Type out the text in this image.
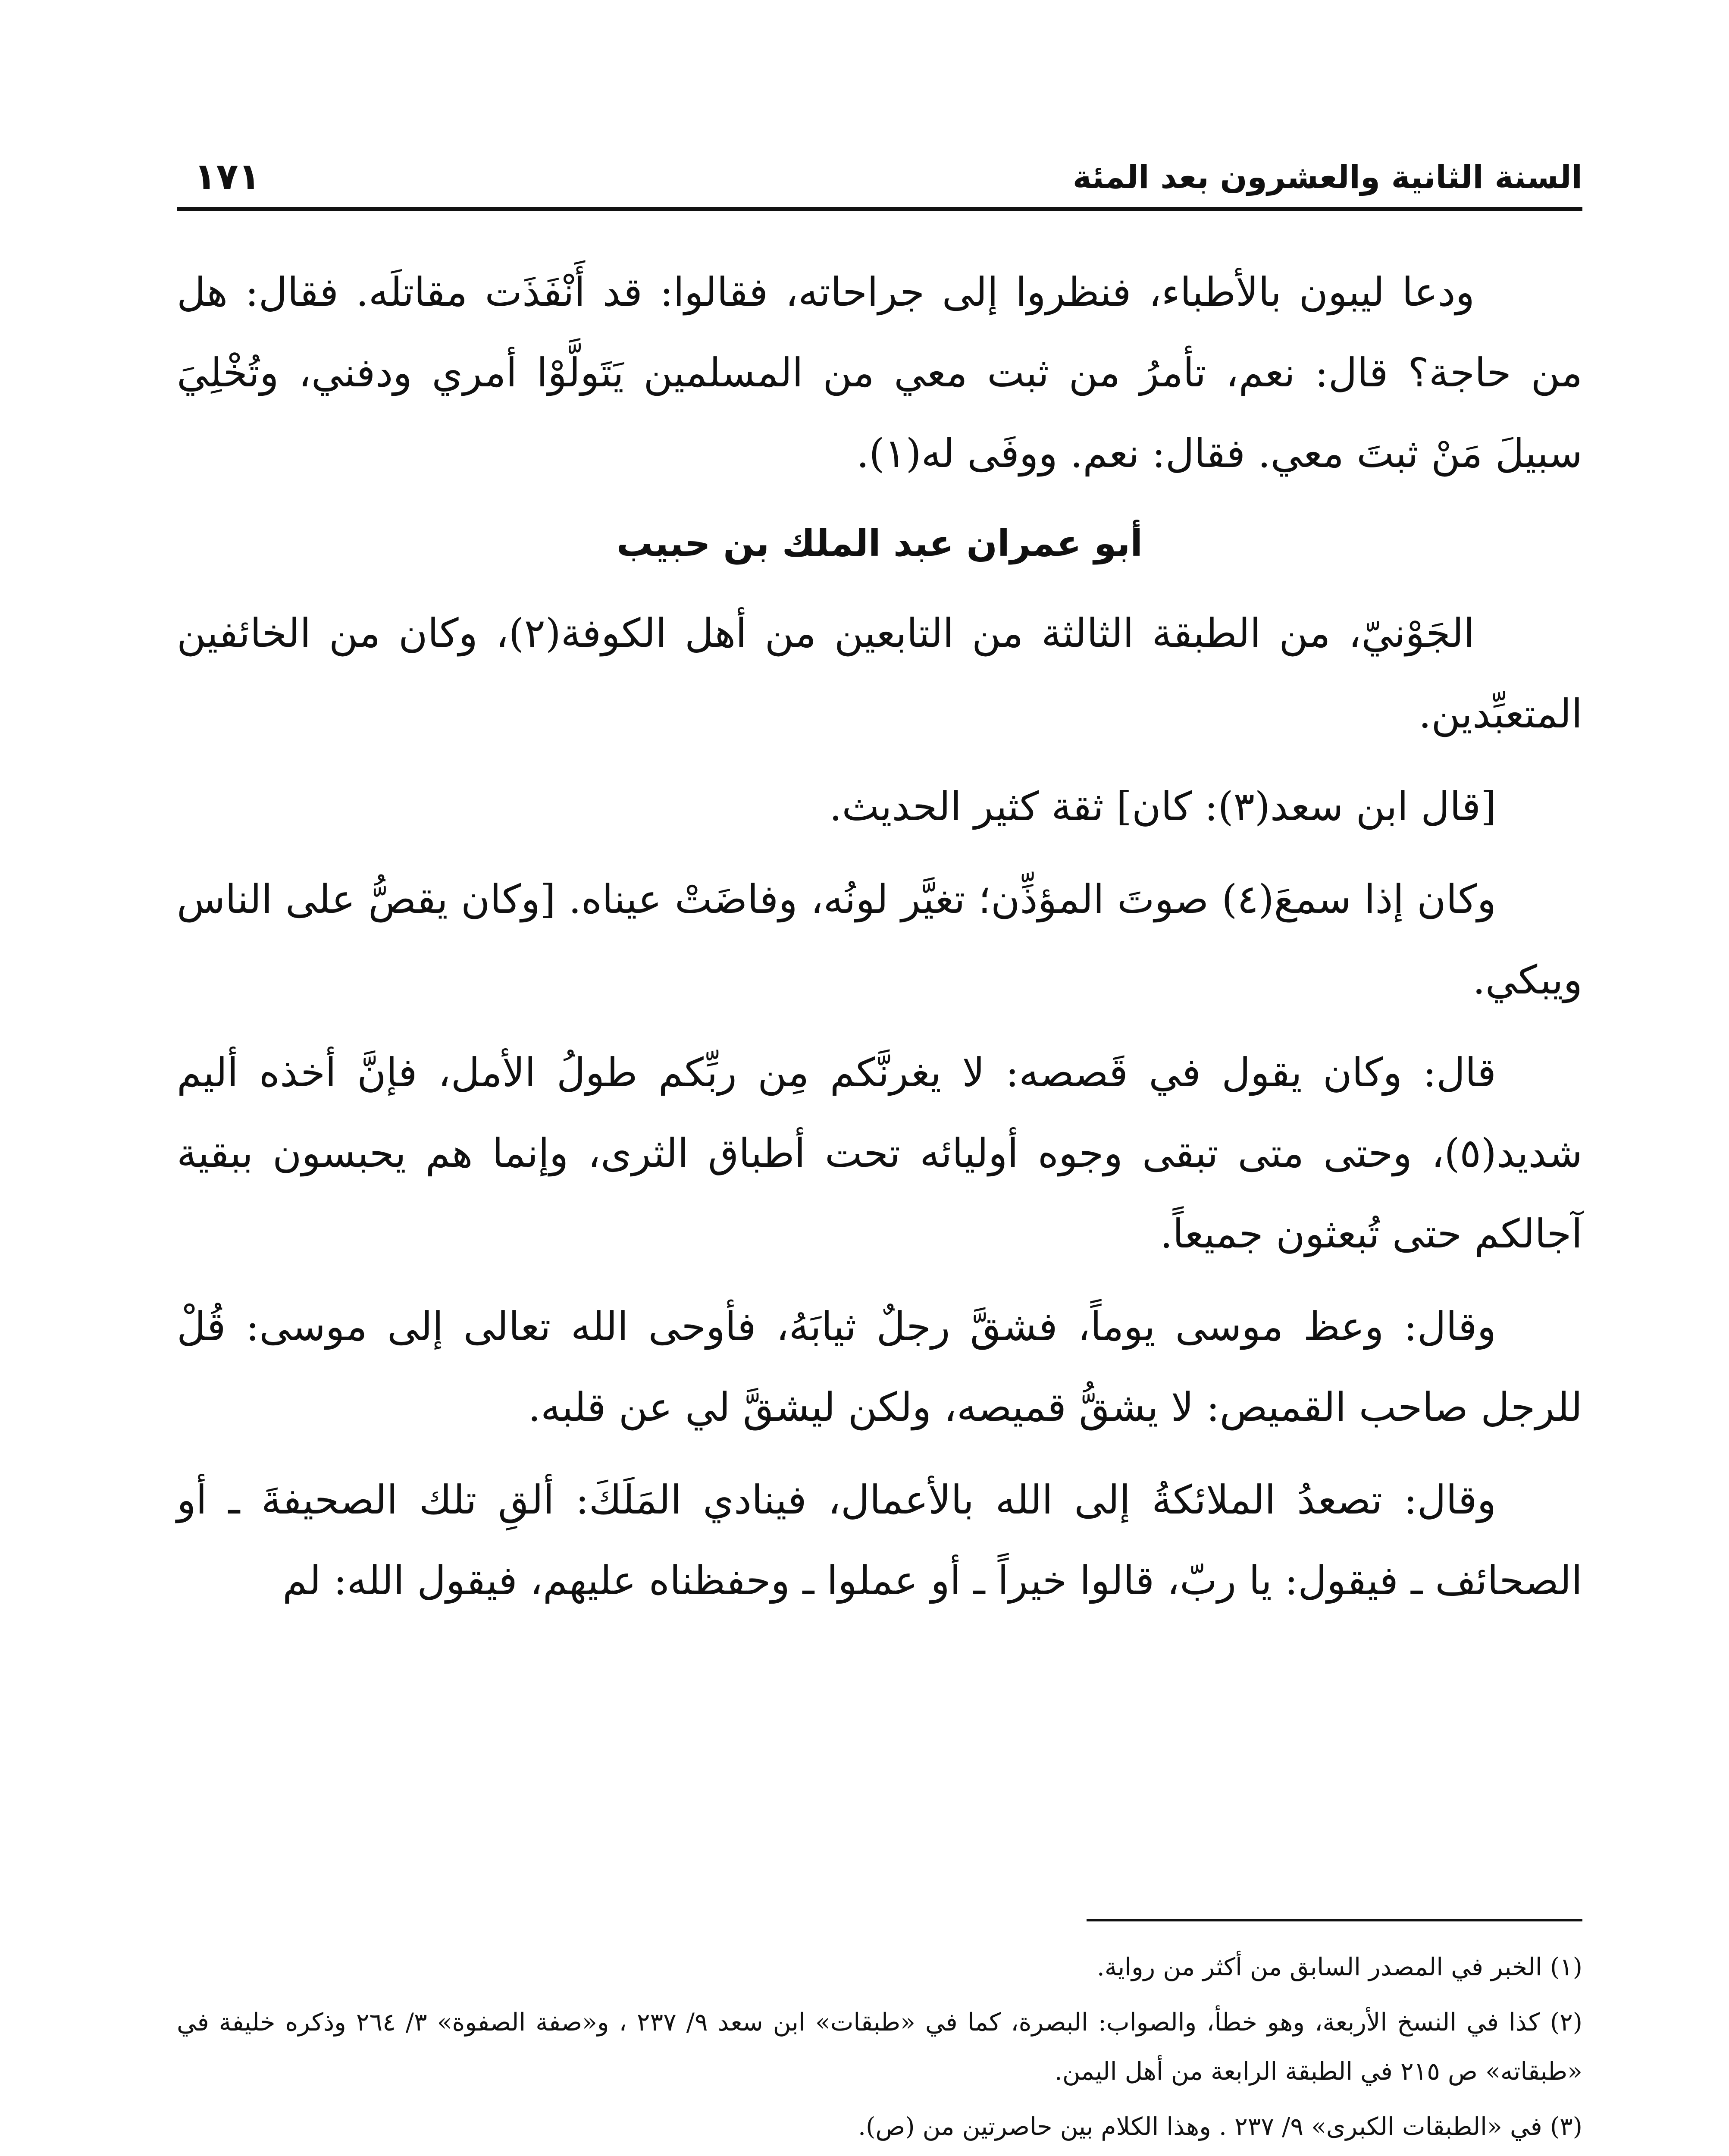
السنة الثانية والعشرون بعد المئة
١٧١

ودعا ليبون بالأطباء، فنظروا إلى جراحاته، فقالوا: قد أَنْفَذَت مقاتلَه. فقال: هل من حاجة؟ قال: نعم، تأمرُ من ثبت معي من المسلمين يَتَولَّوْا أمري ودفني، وتُخْلِيَ سبيلَ مَنْ ثبتَ معي. فقال: نعم. ووفَى له(١).

أبو عمران عبد الملك بن حبيب

الجَوْنيّ، من الطبقة الثالثة من التابعين من أهل الكوفة(٢)، وكان من الخائفين المتعبِّدين.

[قال ابن سعد(٣): كان] ثقة كثير الحديث.

وكان إذا سمعَ(٤) صوتَ المؤذِّن؛ تغيَّر لونُه، وفاضَتْ عيناه. [وكان يقصُّ على الناس ويبكي.

قال: وكان يقول في قَصصه: لا يغرنَّكم مِن ربِّكم طولُ الأمل، فإنَّ أخذه أليم شديد(٥)، وحتى متى تبقى وجوه أوليائه تحت أطباق الثرى، وإنما هم يحبسون ببقية آجالكم حتى تُبعثون جميعاً.

وقال: وعظ موسى يوماً، فشقَّ رجلٌ ثيابَهُ، فأوحى الله تعالى إلى موسى: قُلْ للرجل صاحب القميص: لا يشقُّ قميصه، ولكن ليشقَّ لي عن قلبه.

وقال: تصعدُ الملائكةُ إلى الله بالأعمال، فينادي المَلَكَ: ألقِ تلك الصحيفةَ ـ أو الصحائف ـ فيقول: يا ربّ، قالوا خيراً ـ أو عملوا ـ وحفظناه عليهم، فيقول الله: لم

(١) الخبر في المصدر السابق من أكثر من رواية.

(٢) كذا في النسخ الأربعة، وهو خطأ، والصواب: البصرة، كما في «طبقات» ابن سعد ٩/ ٢٣٧ ، و«صفة الصفوة» ٣/ ٢٦٤ وذكره خليفة في «طبقاته» ص ٢١٥ في الطبقة الرابعة من أهل اليمن.

(٣) في «الطبقات الكبرى» ٩/ ٢٣٧ . وهذا الكلام بين حاصرتين من (ص).
